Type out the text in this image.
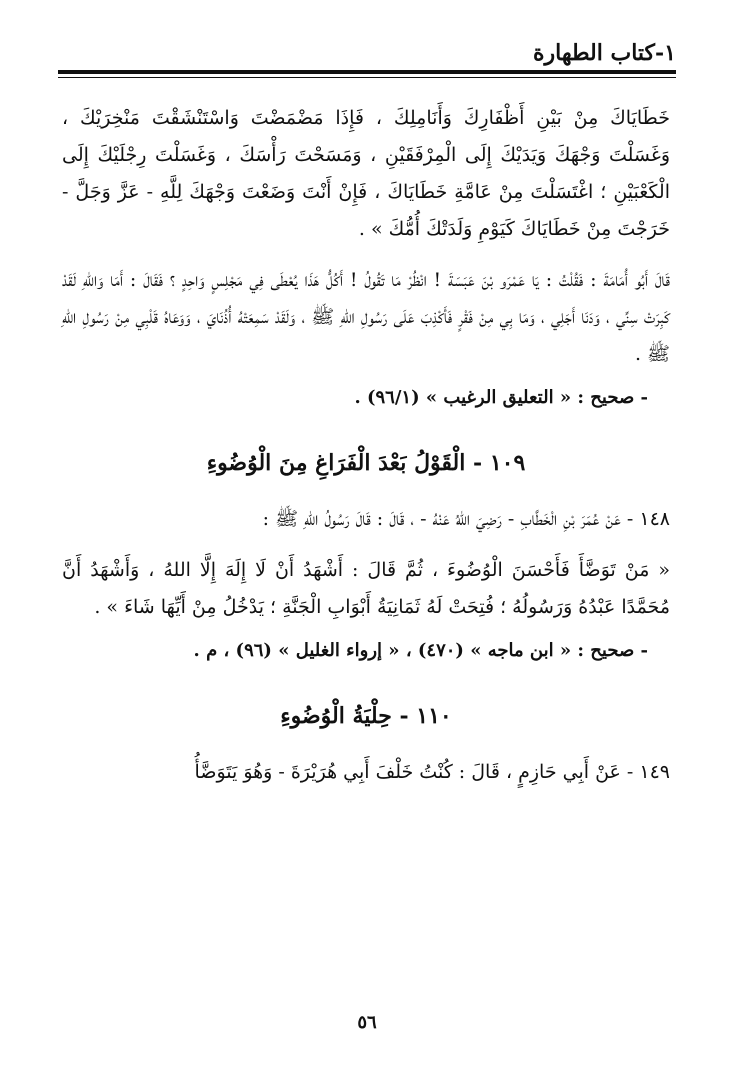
١-كتاب الطهارة

خَطَايَاكَ مِنْ بَيْنِ أَظْفَارِكَ وَأَنَامِلِكَ ، فَإِذَا مَضْمَضْتَ وَاسْتَنْشَقْتَ مَنْخِرَيْكَ ، وَغَسَلْتَ وَجْهَكَ وَيَدَيْكَ إِلَى الْمِرْفَقَيْنِ ، وَمَسَحْتَ رَأْسَكَ ، وَغَسَلْتَ رِجْلَيْكَ إِلَى الْكَعْبَيْنِ ؛ اغْتَسَلْتَ مِنْ عَامَّةِ خَطَايَاكَ ، فَإِنْ أَنْتَ وَضَعْتَ وَجْهَكَ لِلَّهِ - عَزَّ وَجَلَّ - خَرَجْتَ مِنْ خَطَايَاكَ كَيَوْمِ وَلَدَتْكَ أُمُّكَ » .

قَالَ أَبُو أُمَامَةَ : فَقُلْتُ : يَا عَمْرَو بْنَ عَبَسَةَ ! انْظُرْ مَا تَقُولُ ! أَكُلُّ هَذَا يُعْطَى فِي مَجْلِسٍ وَاحِدٍ ؟ فَقَالَ : أَمَا وَاللهِ لَقَدْ كَبِرَتْ سِنِّي ، وَدَنَا أَجَلِي ، وَمَا بِي مِنْ فَقْرٍ فَأَكْذِبَ عَلَى رَسُولِ اللهِ ﷺ ، وَلَقَدْ سَمِعَتْهُ أُذُنَايَ ، وَوَعَاهُ قَلْبِي مِنْ رَسُولِ اللهِ ﷺ .

- صحيح : « التعليق الرغيب » (٩٦/١) .
١٠٩ - الْقَوْلُ بَعْدَ الْفَرَاغِ مِنَ الْوُضُوءِ

١٤٨ - عَنْ عُمَرَ بْنِ الْخَطَّابِ - رَضِيَ اللهُ عَنْهُ - ، قَالَ : قَالَ رَسُولُ اللهِ ﷺ :

« مَنْ تَوَضَّأَ فَأَحْسَنَ الْوُضُوءَ ، ثُمَّ قَالَ : أَشْهَدُ أَنْ لَا إِلَهَ إِلَّا اللهُ ، وَأَشْهَدُ أَنَّ مُحَمَّدًا عَبْدُهُ وَرَسُولُهُ ؛ فُتِحَتْ لَهُ ثَمَانِيَةُ أَبْوَابِ الْجَنَّةِ ؛ يَدْخُلُ مِنْ أَيِّهَا شَاءَ » .

- صحيح : « ابن ماجه » (٤٧٠) ، « إرواء الغليل » (٩٦) ، م .
١١٠ - حِلْيَةُ الْوُضُوءِ

١٤٩ - عَنْ أَبِي حَازِمٍ ، قَالَ : كُنْتُ خَلْفَ أَبِي هُرَيْرَةَ - وَهُوَ يَتَوَضَّأُ

٥٦
